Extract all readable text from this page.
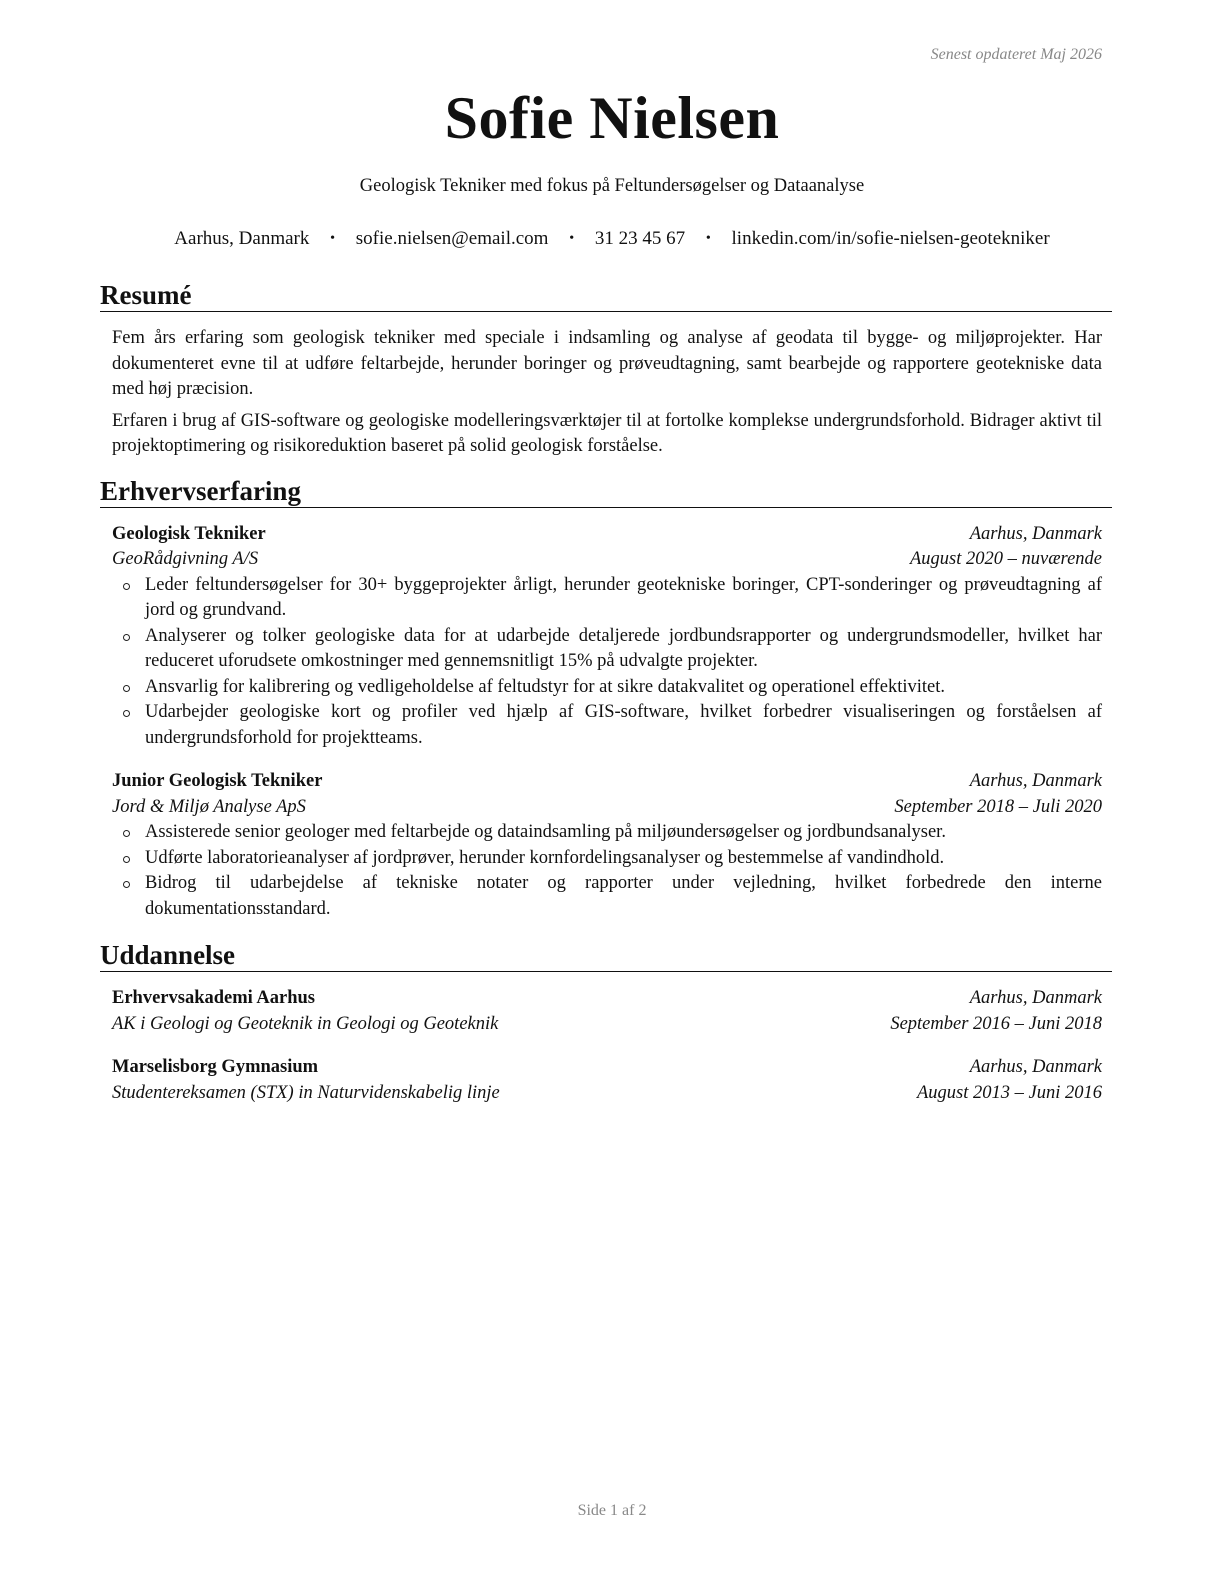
Senest opdateret Maj 2026
Sofie Nielsen
Geologisk Tekniker med fokus på Feltundersøgelser og Dataanalyse
Aarhus, Danmark • sofie.nielsen@email.com • 31 23 45 67 • linkedin.com/in/sofie-nielsen-geotekniker
Resumé

Fem års erfaring som geologisk tekniker med speciale i indsamling og analyse af geodata til bygge- og miljøprojekter. Har dokumenteret evne til at udføre feltarbejde, herunder boringer og prøveudtagning, samt bearbejde og rapportere geotekniske data med høj præcision.

Erfaren i brug af GIS-software og geologiske modelleringsværktøjer til at fortolke komplekse undergrundsforhold. Bidrager aktivt til projektoptimering og risikoreduktion baseret på solid geologisk forståelse.

Erhvervserfaring
Geologisk Tekniker	Aarhus, Danmark
GeoRådgivning A/S	August 2020 – nuværende
Leder feltundersøgelser for 30+ byggeprojekter årligt, herunder geotekniske boringer, CPT-sonderinger og prøveudtagning af jord og grundvand.
Analyserer og tolker geologiske data for at udarbejde detaljerede jordbundsrapporter og undergrundsmodeller, hvilket har reduceret uforudsete omkostninger med gennemsnitligt 15% på udvalgte projekter.
Ansvarlig for kalibrering og vedligeholdelse af feltudstyr for at sikre datakvalitet og operationel effektivitet.
Udarbejder geologiske kort og profiler ved hjælp af GIS-software, hvilket forbedrer visualiseringen og forståelsen af undergrundsforhold for projektteams.
Junior Geologisk Tekniker	Aarhus, Danmark
Jord & Miljø Analyse ApS	September 2018 – Juli 2020
Assisterede senior geologer med feltarbejde og dataindsamling på miljøundersøgelser og jordbundsanalyser.
Udførte laboratorieanalyser af jordprøver, herunder kornfordelingsanalyser og bestemmelse af vandindhold.
Bidrog til udarbejdelse af tekniske notater og rapporter under vejledning, hvilket forbedrede den interne dokumentationsstandard.
Uddannelse
Erhvervsakademi Aarhus	Aarhus, Danmark
AK i Geologi og Geoteknik in Geologi og Geoteknik	September 2016 – Juni 2018
Marselisborg Gymnasium	Aarhus, Danmark
Studentereksamen (STX) in Naturvidenskabelig linje	August 2013 – Juni 2016
Side 1 af 2
